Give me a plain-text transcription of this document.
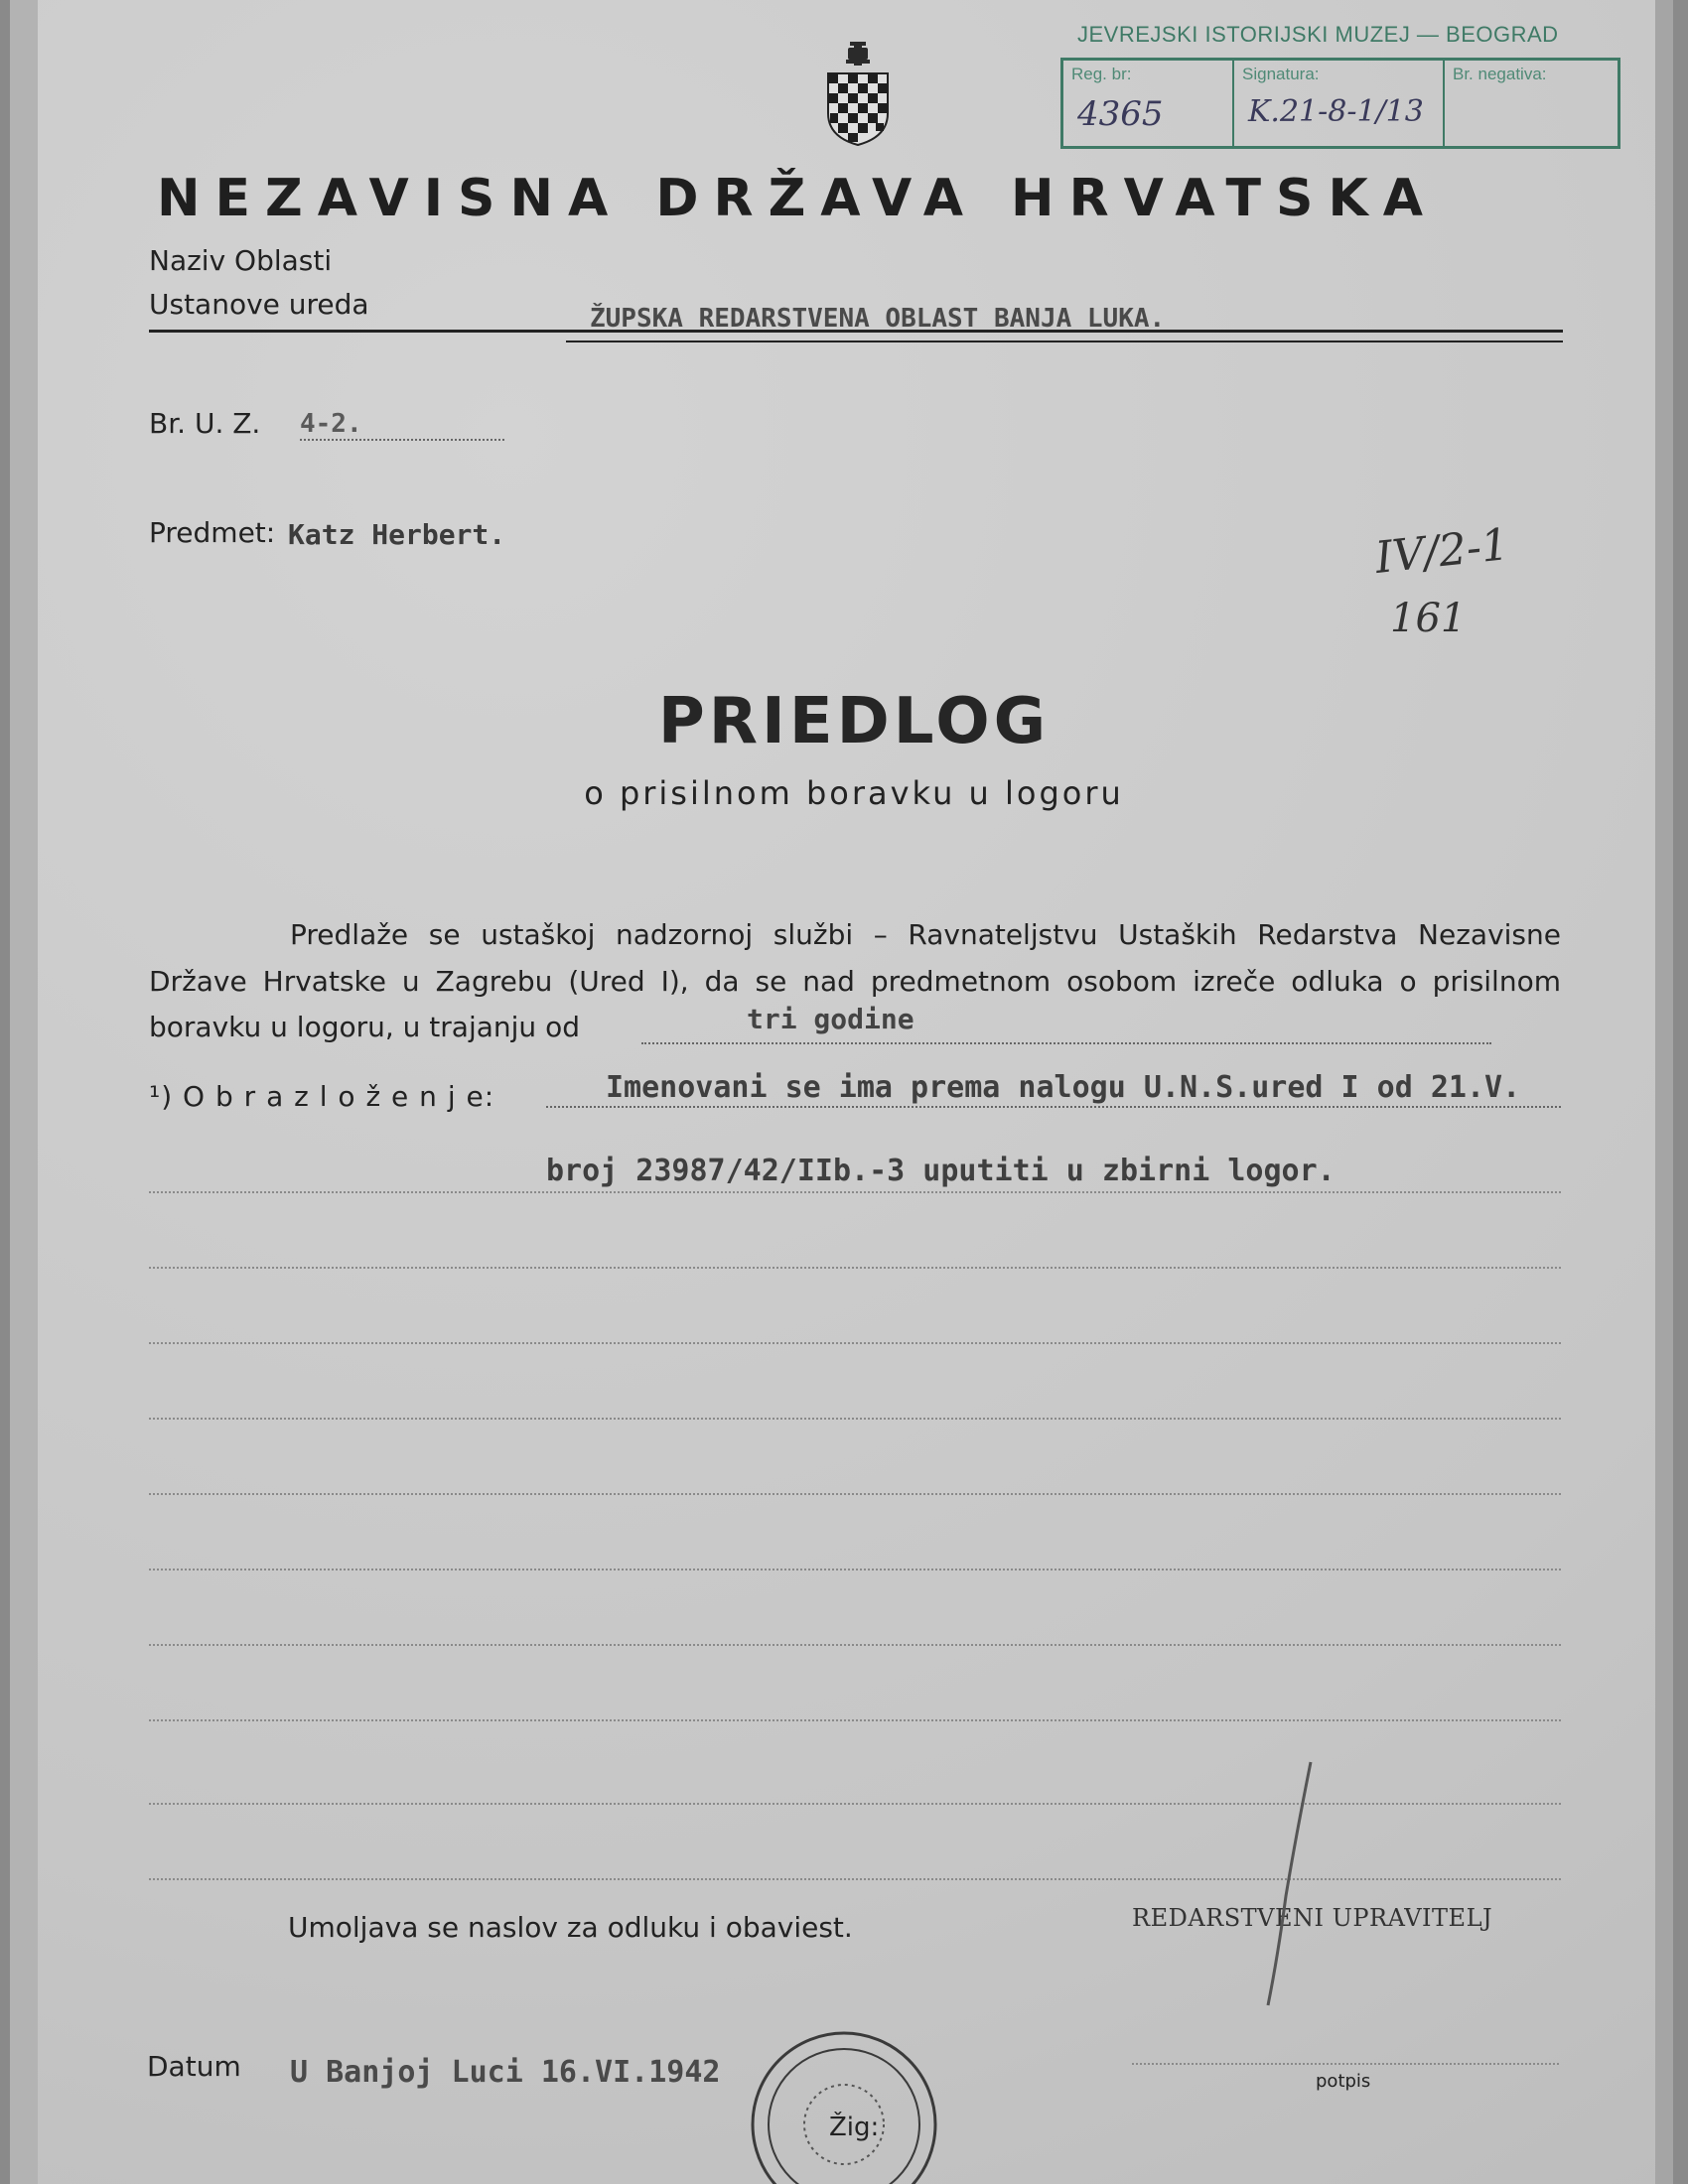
JEVREJSKI ISTORIJSKI MUZEJ — BEOGRAD
Reg. br:
4365
Signatura:
K.21-8-1/13
Br. negativa:
NEZAVISNA DRŽAVA HRVATSKA
Naziv Oblasti
Ustanove ureda	ŽUPSKA REDARSTVENA OBLAST BANJA LUKA.
Br. U. Z. 4-2.
Predmet: Katz Herbert.	IV/2-1
161
PRIEDLOG
o prisilnom boravku u logoru
Predlaže se ustaškoj nadzornoj službi – Ravnateljstvu Ustaških Redarstva Nezavisne
Države Hrvatske u Zagrebu (Ured I), da se nad predmetnom osobom izreče odluka o prisilnom
boravku u logoru, u trajanju od	tri godine
¹) O b r a z l o ž e n j e:	Imenovani se ima prema nalogu U.N.S.ured I od 21.V.
broj 23987/42/IIb.-3 uputiti u zbirni logor.
Umoljava se naslov za odluku i obaviest.	REDARSTVENI UPRAVITELJ
Datum U Banjoj Luci 16.VI.1942	potpis
Žig:
